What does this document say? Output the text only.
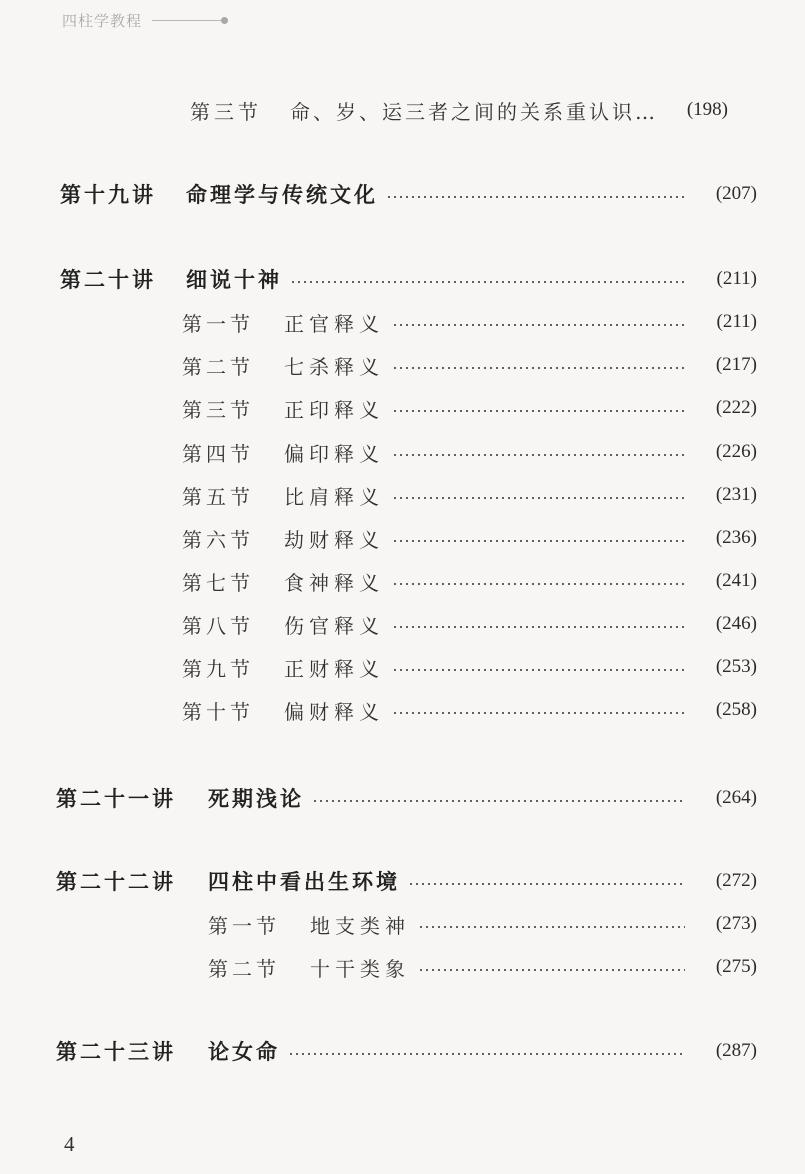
四柱学教程
第三节	命、岁、运三者之间的关系重认识…	(198)
第十九讲	命理学与传统文化	(207)
第二十讲	细说十神	(211)
第一节	正官释义	(211)
第二节	七杀释义	(217)
第三节	正印释义	(222)
第四节	偏印释义	(226)
第五节	比肩释义	(231)
第六节	劫财释义	(236)
第七节	食神释义	(241)
第八节	伤官释义	(246)
第九节	正财释义	(253)
第十节	偏财释义	(258)
第二十一讲	死期浅论	(264)
第二十二讲	四柱中看出生环境	(272)
第一节	地支类神	(273)
第二节	十干类象	(275)
第二十三讲	论女命	(287)
4
